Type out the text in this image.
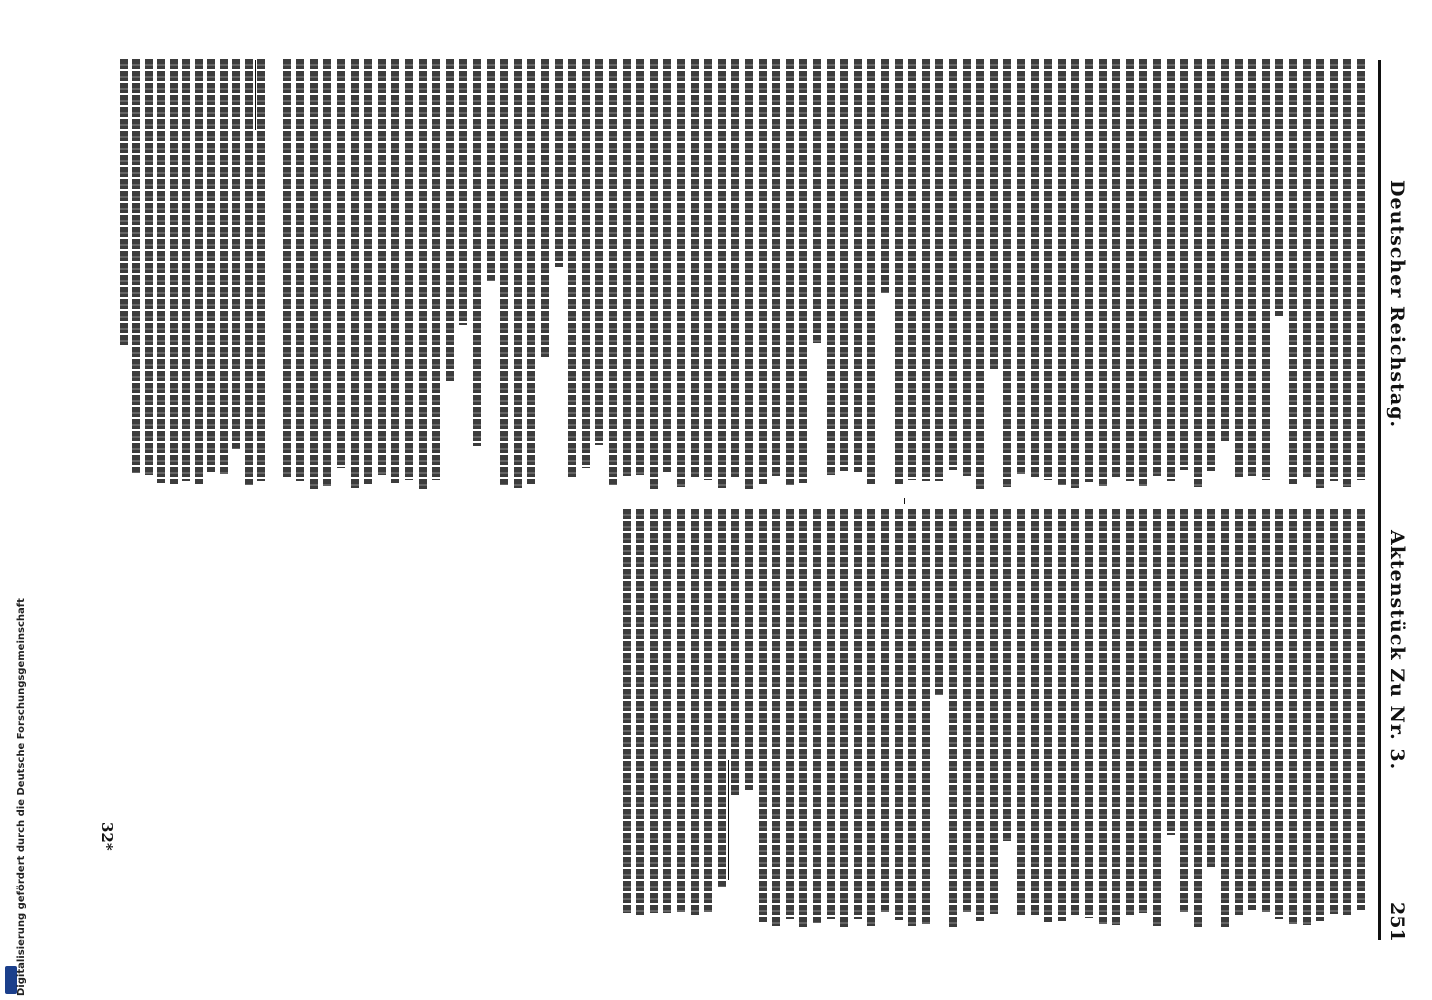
Digitalisierung gefördert durch die Deutsche Forschungsgemeinschaft
Deutscher Reichstag.
Aktenstück Zu Nr. 3.
251
32*
